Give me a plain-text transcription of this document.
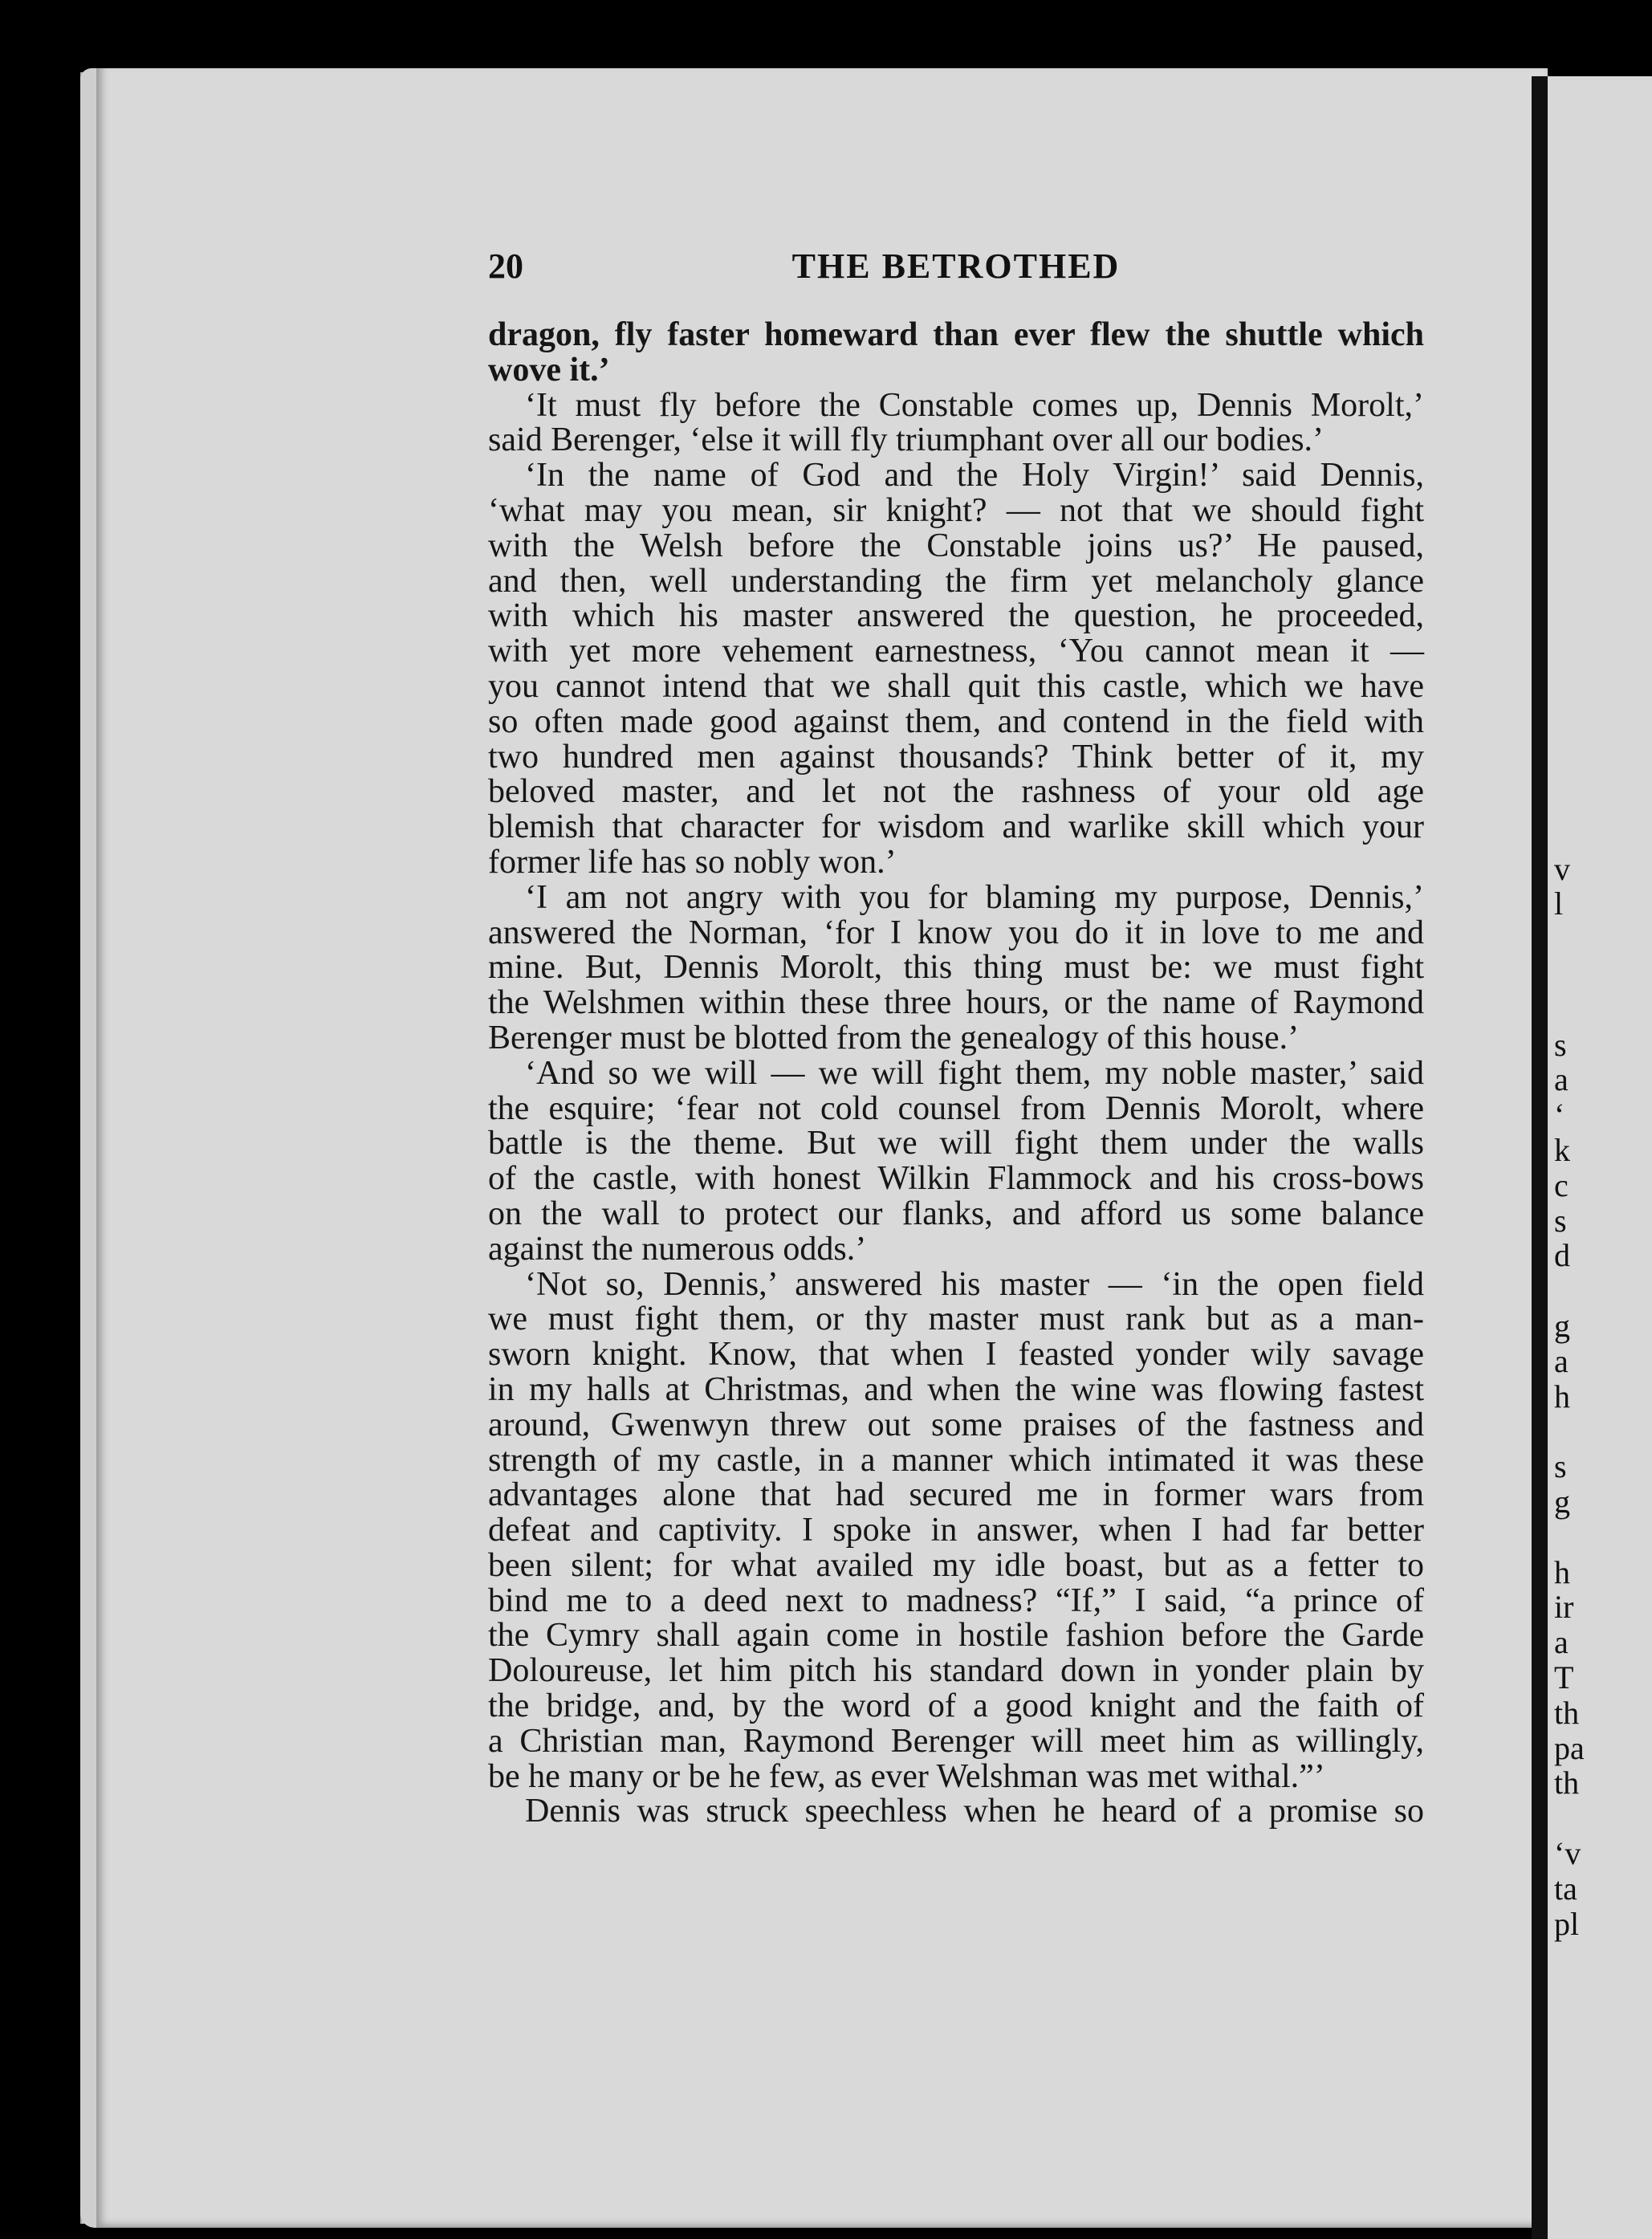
v
l
s
a
‘
k
c
s
d
g
a
h
s
g
h
ir
a
T
th
pa
th
‘v
ta
pl
20	THE BETROTHED
dragon, fly faster homeward than ever flew the shuttle which
wove it.’
‘It must fly before the Constable comes up, Dennis Morolt,’
said Berenger, ‘else it will fly triumphant over all our bodies.’
‘In the name of God and the Holy Virgin!’ said Dennis,
‘what may you mean, sir knight? — not that we should fight
with the Welsh before the Constable joins us?’ He paused,
and then, well understanding the firm yet melancholy glance
with which his master answered the question, he proceeded,
with yet more vehement earnestness, ‘You cannot mean it —
you cannot intend that we shall quit this castle, which we have
so often made good against them, and contend in the field with
two hundred men against thousands? Think better of it, my
beloved master, and let not the rashness of your old age
blemish that character for wisdom and warlike skill which your
former life has so nobly won.’
‘I am not angry with you for blaming my purpose, Dennis,’
answered the Norman, ‘for I know you do it in love to me and
mine. But, Dennis Morolt, this thing must be: we must fight
the Welshmen within these three hours, or the name of Raymond
Berenger must be blotted from the genealogy of this house.’
‘And so we will — we will fight them, my noble master,’ said
the esquire; ‘fear not cold counsel from Dennis Morolt, where
battle is the theme. But we will fight them under the walls
of the castle, with honest Wilkin Flammock and his cross-bows
on the wall to protect our flanks, and afford us some balance
against the numerous odds.’
‘Not so, Dennis,’ answered his master — ‘in the open field
we must fight them, or thy master must rank but as a man-
sworn knight. Know, that when I feasted yonder wily savage
in my halls at Christmas, and when the wine was flowing fastest
around, Gwenwyn threw out some praises of the fastness and
strength of my castle, in a manner which intimated it was these
advantages alone that had secured me in former wars from
defeat and captivity. I spoke in answer, when I had far better
been silent; for what availed my idle boast, but as a fetter to
bind me to a deed next to madness? “If,” I said, “a prince of
the Cymry shall again come in hostile fashion before the Garde
Doloureuse, let him pitch his standard down in yonder plain by
the bridge, and, by the word of a good knight and the faith of
a Christian man, Raymond Berenger will meet him as willingly,
be he many or be he few, as ever Welshman was met withal.”’
Dennis was struck speechless when he heard of a promise so
